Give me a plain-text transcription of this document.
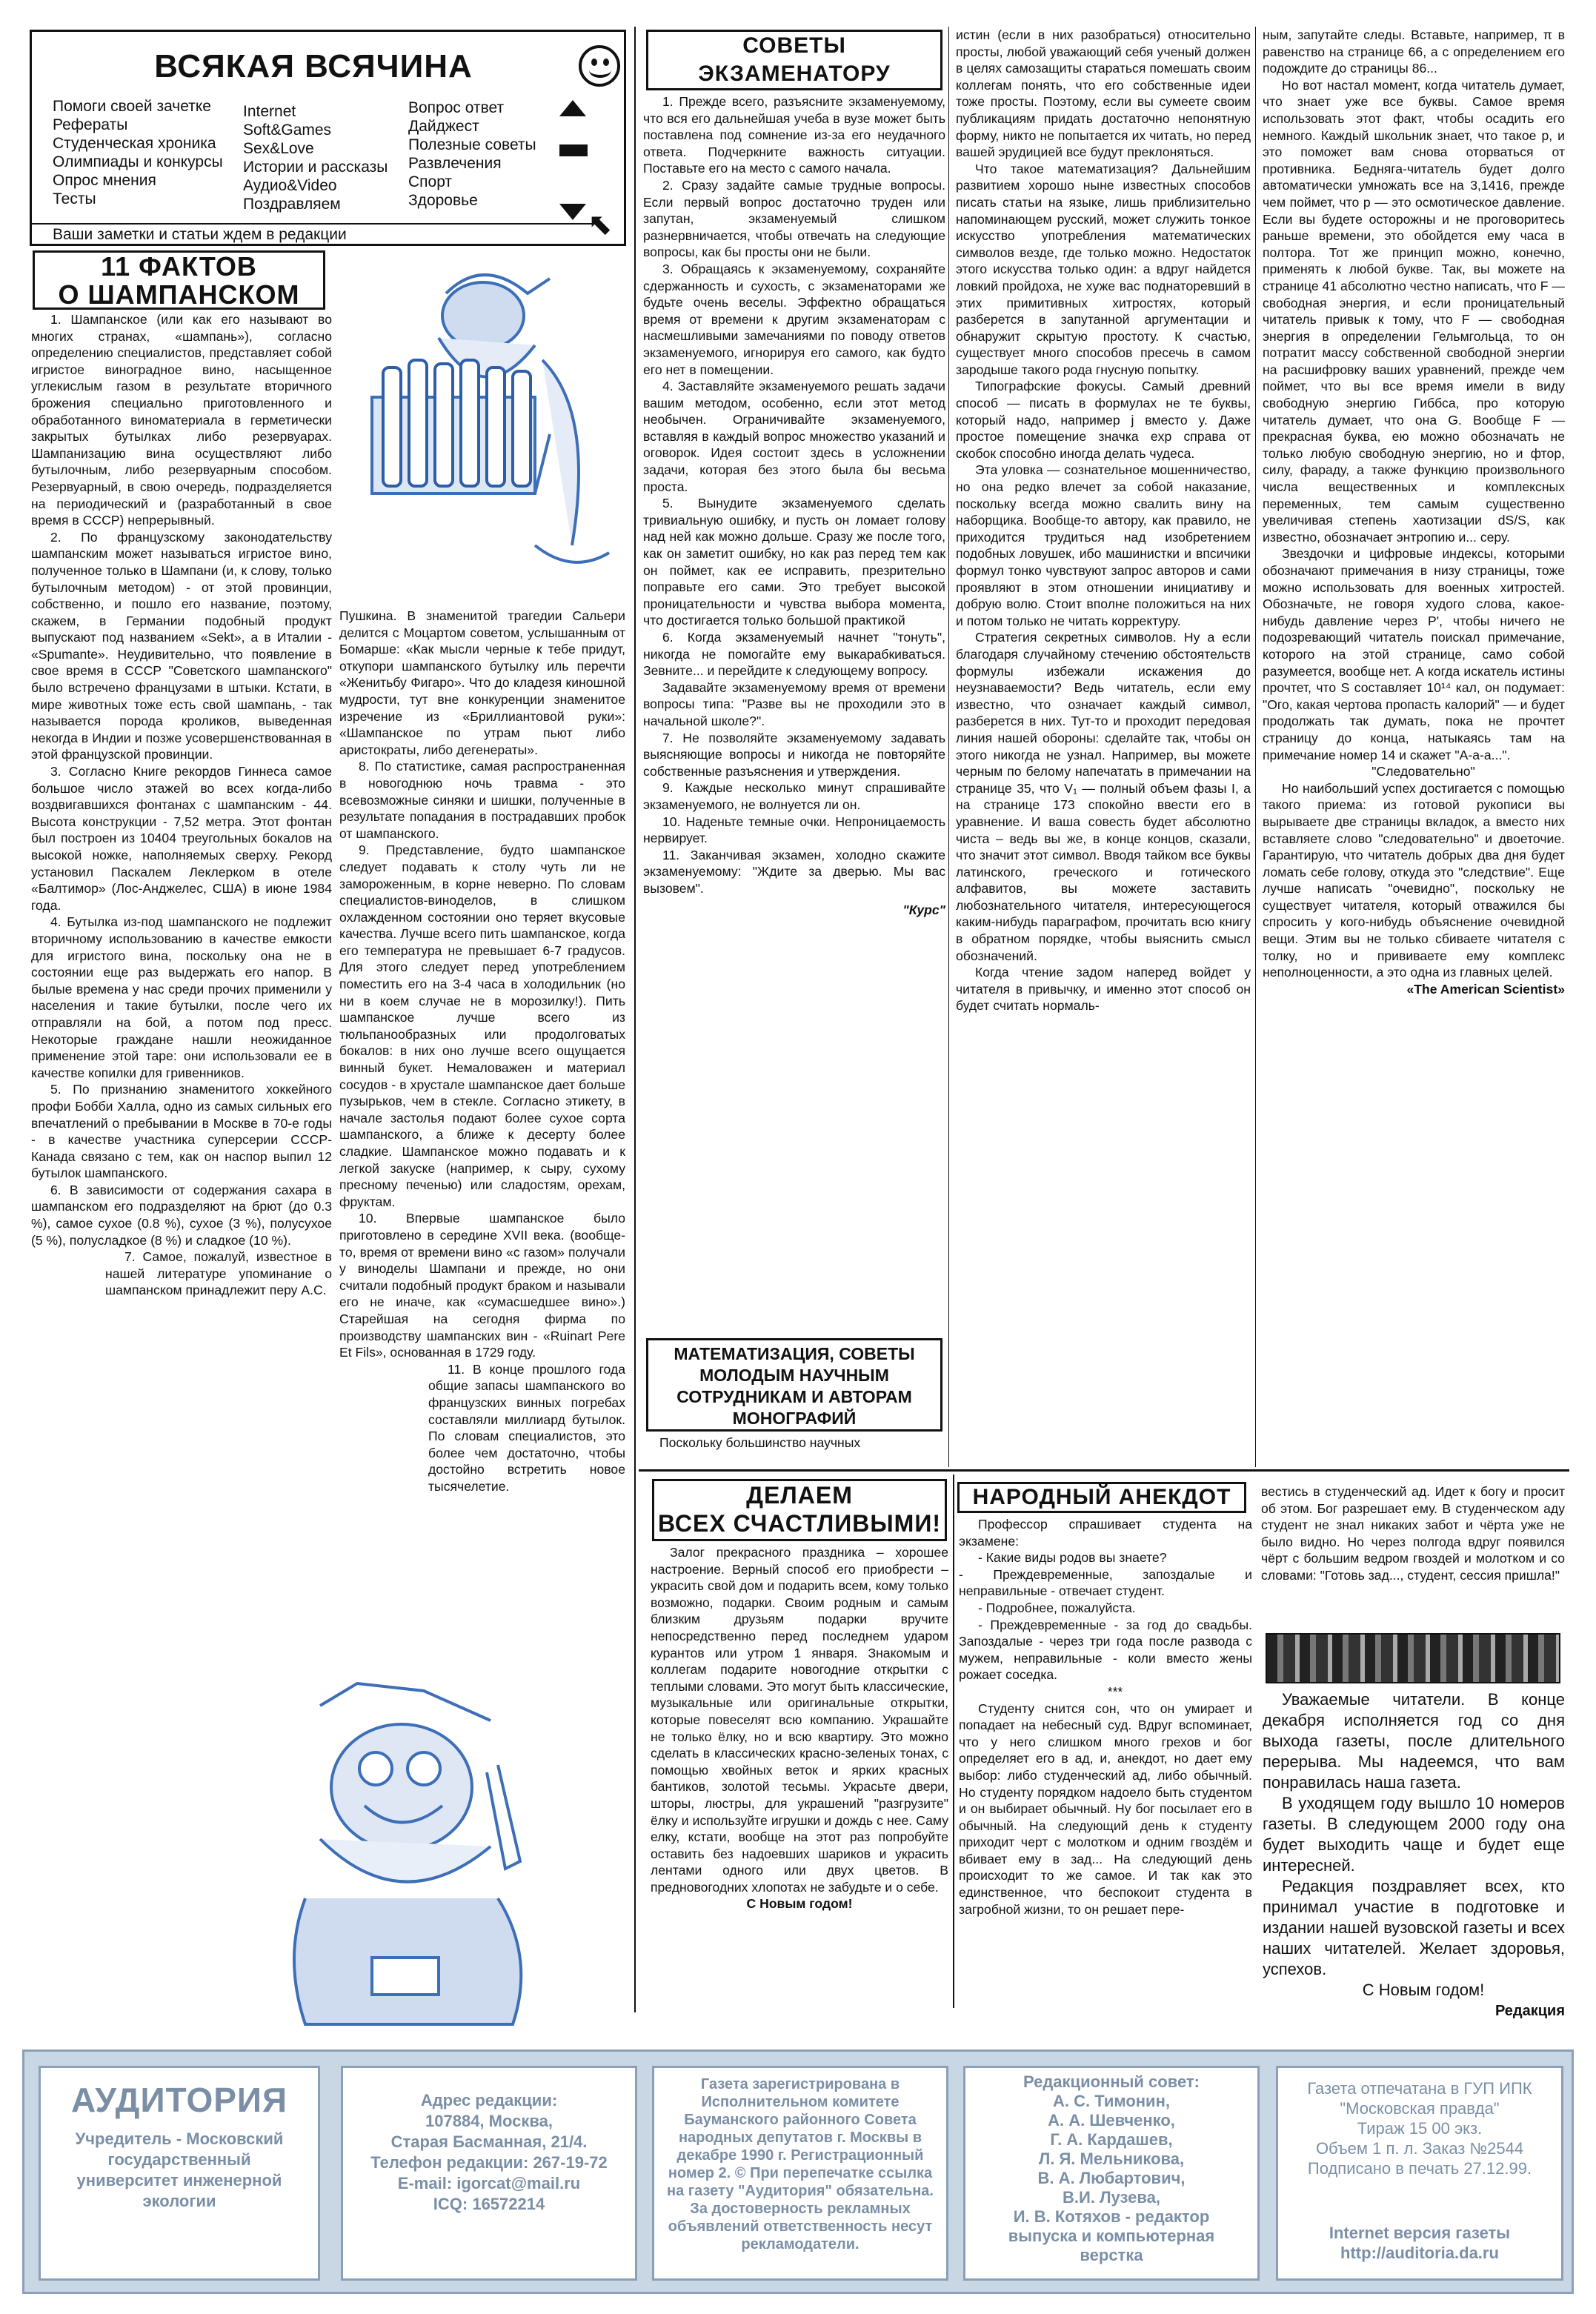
ВСЯКАЯ ВСЯЧИНА
Помоги своей зачетке
Рефераты
Студенческая хроника
Олимпиады и конкурсы
Опрос мнения
Тесты
Internet
Soft&Games
Sex&Love
Истории и рассказы
Аудио&Video
Поздравляем
Вопрос ответ
Дайджест
Полезные советы
Развлечения
Спорт
Здоровье
⬉
Ваши заметки и статьи ждем в редакции
11 ФАКТОВ
О ШАМПАНСКОМ

1. Шампанское (или как его называют во многих странах, «шампань»), согласно определению специалистов, представляет собой игристое виноградное вино, насыщенное углекислым газом в результате вторичного брожения специально приготовленного и обработанного виноматериала в герметически закрытых бутылках либо резервуарах. Шампанизацию вина осуществляют либо бутылочным, либо резервуарным способом. Резервуарный, в свою очередь, подразделяется на периодический и (разработанный в свое время в СССР) непрерывный.

2. По французскому законодательству шампанским может называться игристое вино, полученное только в Шампани (и, к слову, только бутылочным методом) - от этой провинции, собственно, и пошло его название, поэтому, скажем, в Германии подобный продукт выпускают под названием «Sekt», а в Италии - «Spumante». Неудивительно, что появление в свое время в СССР "Советского шампанского" было встречено французами в штыки. Кстати, в мире животных тоже есть свой шампань, - так называется порода кроликов, выведенная некогда в Индии и позже усовершенствованная в этой французской провинции.

3. Согласно Книге рекордов Гиннеса самое большое число этажей во всех когда-либо воздвигавшихся фонтанах с шампанским - 44. Высота конструкции - 7,52 метра. Этот фонтан был построен из 10404 треугольных бокалов на высокой ножке, наполняемых сверху. Рекорд установил Паскалем Леклерком в отеле «Балтимор» (Лос-Анджелес, США) в июне 1984 года.

4. Бутылка из-под шампанского не подлежит вторичному использованию в качестве емкости для игристого вина, поскольку она не в состоянии еще раз выдержать его напор. В былые времена у нас среди прочих применили у населения и такие бутылки, после чего их отправляли на бой, а потом под пресс. Некоторые граждане нашли неожиданное применение этой таре: они использовали ее в качестве копилки для гривенников.

5. По признанию знаменитого хоккейного профи Бобби Халла, одно из самых сильных его впечатлений о пребывании в Москве в 70-е годы - в качестве участника суперсерии СССР- Канада связано с тем, как он наспор выпил 12 бутылок шампанского.

6. В зависимости от содержания сахара в шампанском его подразделяют на брют (до 0.3 %), самое сухое (0.8 %), сухое (3 %), полусухое (5 %), полусладкое (8 %) и сладкое (10 %).

7. Самое, пожалуй, известное в нашей литературе упоминание о шампанском принадлежит перу А.С.

Пушкина. В знаменитой трагедии Сальери делится с Моцартом советом, услышанным от Бомарше: «Как мысли черные к тебе придут, откупори шампанского бутылку иль перечти «Женитьбу Фигаро». Что до кладезя киношной мудрости, тут вне конкуренции знаменитое изречение из «Бриллиантовой руки»: «Шампанское по утрам пьют либо аристократы, либо дегенераты».

8. По статистике, самая распространенная в новогоднюю ночь травма - это всевозможные синяки и шишки, полученные в результате попадания в пострадавших пробок от шампанского.

9. Представление, будто шампанское следует подавать к столу чуть ли не замороженным, в корне неверно. По словам специалистов-виноделов, в слишком охлажденном состоянии оно теряет вкусовые качества. Лучше всего пить шампанское, когда его температура не превышает 6-7 градусов. Для этого следует перед употреблением поместить его на 3-4 часа в холодильник (но ни в коем случае не в морозилку!). Пить шампанское лучше всего из тюльпанообразных или продолговатых бокалов: в них оно лучше всего ощущается винный букет. Немаловажен и материал сосудов - в хрустале шампанское дает больше пузырьков, чем в стекле. Согласно этикету, в начале застолья подают более сухое сорта шампанского, а ближе к десерту более сладкие. Шампанское можно подавать и к легкой закуске (например, к сыру, сухому пресному печенью) или сладостям, орехам, фруктам.

10. Впервые шампанское было приготовлено в середине XVII века. (вообще-то, время от времени вино «с газом» получали у виноделы Шампани и прежде, но они считали подобный продукт браком и называли его не иначе, как «сумасшедшее вино».) Старейшая на сегодня фирма по производству шампанских вин - «Ruinart Pere Et Fils», основанная в 1729 году.

11. В конце прошлого года общие запасы шампанского во французских винных погребах составляли миллиард бутылок. По словам специалистов, это более чем достаточно, чтобы достойно встретить новое тысячелетие.

СОВЕТЫ
ЭКЗАМЕНАТОРУ

1. Прежде всего, разъясните экзаменуемому, что вся его дальнейшая учеба в вузе может быть поставлена под сомнение из-за его неудачного ответа. Подчеркните важность ситуации. Поставьте его на место с самого начала.

2. Сразу задайте самые трудные вопросы. Если первый вопрос достаточно труден или запутан, экзаменуемый слишком разнервничается, чтобы отвечать на следующие вопросы, как бы просты они не были.

3. Обращаясь к экзаменуемому, сохраняйте сдержанность и сухость, с экзаменаторами же будьте очень веселы. Эффектно обращаться время от времени к другим экзаменаторам с насмешливыми замечаниями по поводу ответов экзаменуемого, игнорируя его самого, как будто его нет в помещении.

4. Заставляйте экзаменуемого решать задачи вашим методом, особенно, если этот метод необычен. Ограничивайте экзаменуемого, вставляя в каждый вопрос множество указаний и оговорок. Идея состоит здесь в усложнении задачи, которая без этого была бы весьма проста.

5. Вынудите экзаменуемого сделать тривиальную ошибку, и пусть он ломает голову над ней как можно дольше. Сразу же после того, как он заметит ошибку, но как раз перед тем как он поймет, как ее исправить, презрительно поправьте его сами. Это требует высокой проницательности и чувства выбора момента, что достигается только большой практикой

6. Когда экзаменуемый начнет "тонуть", никогда не помогайте ему выкарабкиваться. Зевните... и перейдите к следующему вопросу.

Задавайте экзаменуемому время от времени вопросы типа: "Разве вы не проходили это в начальной школе?".

7. Не позволяйте экзаменуемому задавать выясняющие вопросы и никогда не повторяйте собственные разъяснения и утверждения.

9. Каждые несколько минут спрашивайте экзаменуемого, не волнуется ли он.

10. Наденьте темные очки. Непроницаемость нервирует.

11. Заканчивая экзамен, холодно скажите экзаменуемому: "Ждите за дверью. Мы вас вызовем".

"Курс"
МАТЕМАТИЗАЦИЯ, СОВЕТЫ МОЛОДЫМ НАУЧНЫМ СОТРУДНИКАМ И АВТОРАМ МОНОГРАФИЙ
Поскольку большинство научных

истин (если в них разобраться) относительно просты, любой уважающий себя ученый должен в целях самозащиты стараться помешать своим коллегам понять, что его собственные идеи тоже просты. Поэтому, если вы сумеете своим публикациям придать достаточно непонятную форму, никто не попытается их читать, но перед вашей эрудицией все будут преклоняться.

Что такое математизация? Дальнейшим развитием хорошо ныне известных способов писать статьи на языке, лишь приблизительно напоминающем русский, может служить тонкое искусство употребления математических символов везде, где только можно. Недостаток этого искусства только один: а вдруг найдется ловкий пройдоха, не хуже вас поднаторевший в этих примитивных хитростях, который разберется в запутанной аргументации и обнаружит скрытую простоту. К счастью, существует много способов пресечь в самом зародыше такого рода гнусную попытку.

Типографские фокусы. Самый древний способ — писать в формулах не те буквы, который надо, например j вместо y. Даже простое помещение значка exp справа от скобок способно иногда делать чудеса.

Эта уловка — сознательное мошенничество, но она редко влечет за собой наказание, поскольку всегда можно свалить вину на наборщика. Вообще-то автору, как правило, не приходится трудиться над изобретением подобных ловушек, ибо машинистки и впсичики формул тонко чувствуют запрос авторов и сами проявляют в этом отношении инициативу и добрую волю. Стоит вполне положиться на них и потом только не читать корректуру.

Стратегия секретных символов. Ну а если благодаря случайному стечению обстоятельств формулы избежали искажения до неузнаваемости? Ведь читатель, если ему известно, что означает каждый символ, разберется в них. Тут-то и проходит передовая линия нашей обороны: сделайте так, чтобы он этого никогда не узнал. Например, вы можете черным по белому напечатать в примечании на странице 35, что V₁ — полный объем фазы I, а на странице 173 спокойно ввести его в уравнение. И ваша совесть будет абсолютно чиста – ведь вы же, в конце концов, сказали, что значит этот символ. Вводя тайком все буквы латинского, греческого и готического алфавитов, вы можете заставить любознательного читателя, интересующегося каким-нибудь параграфом, прочитать всю книгу в обратном порядке, чтобы выяснить смысл обозначений.

Когда чтение задом наперед войдет у читателя в привычку, и именно этот способ он будет считать нормаль-

ным, запутайте следы. Вставьте, например, π в равенство на странице 66, а с определением его подождите до страницы 86...

Но вот настал момент, когда читатель думает, что знает уже все буквы. Самое время использовать этот факт, чтобы осадить его немного. Каждый школьник знает, что такое p, и это поможет вам снова оторваться от противника. Бедняга-читатель будет долго автоматически умножать все на 3,1416, прежде чем поймет, что p — это осмотическое давление. Если вы будете осторожны и не проговоритесь раньше времени, это обойдется ему часа в полтора. Тот же принцип можно, конечно, применять к любой букве. Так, вы можете на странице 41 абсолютно честно написать, что F — свободная энергия, и если проницательный читатель привык к тому, что F — свободная энергия в определении Гельмгольца, то он потратит массу собственной свободной энергии на расшифровку ваших уравнений, прежде чем поймет, что вы все время имели в виду свободную энергию Гиббса, про которую читатель думает, что она G. Вообще F — прекрасная буква, ею можно обозначать не только любую свободную энергию, но и фтор, силу, фараду, а также функцию произвольного числа вещественных и комплексных переменных, тем самым существенно увеличивая степень хаотизации dS/S, как известно, обозначает энтропию и... серу.

Звездочки и цифровые индексы, которыми обозначают примечания в низу страницы, тоже можно использовать для военных хитростей. Обозначьте, не говоря худого слова, какое-нибудь давление через P', чтобы ничего не подозревающий читатель поискал примечание, которого на этой странице, само собой разумеется, вообще нет. А когда искатель истины прочтет, что S составляет 10¹⁴ кал, он подумает: "Ого, какая чертова пропасть калорий" — и будет продолжать так думать, пока не прочтет страницу до конца, натыкаясь там на примечание номер 14 и скажет "А-а-а...".

"Следовательно"

Но наибольший успех достигается с помощью такого приема: из готовой рукописи вы вырываете две страницы вкладок, а вместо них вставляете слово "следовательно" и двоеточие. Гарантирую, что читатель добрых два дня будет ломать себе голову, откуда это "следствие". Еще лучше написать "очевидно", поскольку не существует читателя, который отважился бы спросить у кого-нибудь объяснение очевидной вещи. Этим вы не только сбиваете читателя с толку, но и прививаете ему комплекс неполноценности, а это одна из главных целей.

«The American Scientist»
ДЕЛАЕМ
ВСЕХ СЧАСТЛИВЫМИ!

Залог прекрасного праздника – хорошее настроение. Верный способ его приобрести – украсить свой дом и подарить всем, кому только возможно, подарки. Своим родным и самым близким друзьям подарки вручите непосредственно перед последнем ударом курантов или утром 1 января. Знакомым и коллегам подарите новогодние открытки с теплыми словами. Это могут быть классические, музыкальные или оригинальные открытки, которые повеселят всю компанию. Украшайте не только ёлку, но и всю квартиру. Это можно сделать в классических красно-зеленых тонах, с помощью хвойных веток и ярких красных бантиков, золотой тесьмы. Украсьте двери, шторы, люстры, для украшений "разгрузите" ёлку и используйте игрушки и дождь с нее. Саму елку, кстати, вообще на этот раз попробуйте оставить без надоевших шариков и украсить лентами одного или двух цветов. В предновогодних хлопотах не забудьте и о себе.

С Новым годом!
НАРОДНЫЙ АНЕКДОТ

Профессор спрашивает студента на экзамене:

- Какие виды родов вы знаете?

- Преждевременные, запоздалые и неправильные - отвечает студент.

- Подробнее, пожалуйста.

- Преждевременные - за год до свадьбы. Запоздалые - через три года после развода с мужем, неправильные - коли вместо жены рожает соседка.

***

Студенту снится сон, что он умирает и попадает на небесный суд. Вдруг вспоминает, что у него слишком много грехов и бог определяет его в ад, и, анекдот, но дает ему выбор: либо студенческий ад, либо обычный. Но студенту порядком надоело быть студентом и он выбирает обычный. Ну бог посылает его в обычный. На следующий день к студенту приходит черт с молотком и одним гвоздём и вбивает ему в зад... На следующий день происходит то же самое. И так как это единственное, что беспокоит студента в загробной жизни, то он решает пере-

вестись в студенческий ад. Идет к богу и просит об этом. Бог разрешает ему. В студенческом аду студент не знал никаких забот и чёрта уже не было видно. Но через полгода вдруг появился чёрт с большим ведром гвоздей и молотком и со словами: "Готовь зад..., студент, сессия пришла!"

Уважаемые читатели. В конце декабря исполняется год со дня выхода газеты, после длительного перерыва. Мы надеемся, что вам понравилась наша газета.

В уходящем году вышло 10 номеров газеты. В следующем 2000 году она будет выходить чаще и будет еще интересней.

Редакция поздравляет всех, кто принимал участие в подготовке и издании нашей вузовской газеты и всех наших читателей. Желает здоровья, успехов.

С Новым годом!

Редакция
АУДИТОРИЯ
Учредитель - Московский государственный университет инженерной экологии
Адрес редакции:
107884, Москва,
Старая Басманная, 21/4.
Телефон редакции: 267-19-72
E-mail: igorcat@mail.ru
ICQ: 16572214
Газета зарегистрирована в Исполнительном комитете Бауманского районного Совета народных депутатов г. Москвы в декабре 1990 г. Регистрационный номер 2. © При перепечатке ссылка на газету "Аудитория" обязательна. За достоверность рекламных объявлений ответственность несут рекламодатели.
Редакционный совет:
А. С. Тимонин,
А. А. Шевченко,
Г. А. Кардашев,
Л. Я. Мельникова,
В. А. Любартович,
В.И. Лузева,
И. В. Котяхов - редактор
выпуска и компьютерная
верстка
Газета отпечатана в ГУП ИПК
"Московская правда"
Тираж 15 00 экз.
Объем 1 п. л. Заказ №2544
Подписано в печать 27.12.99.
Internet версия газеты
http://auditoria.da.ru
